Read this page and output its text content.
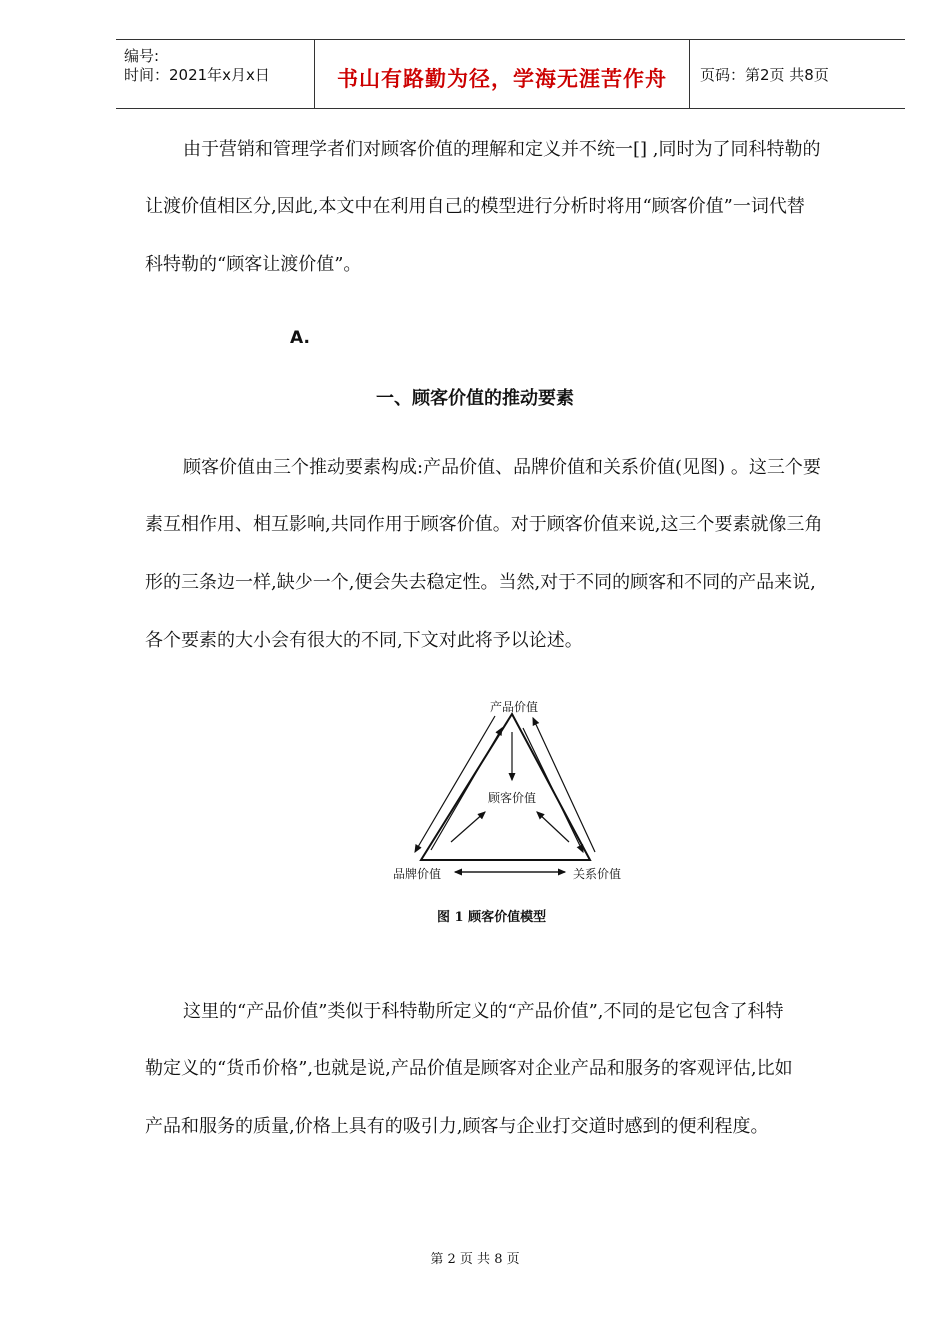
编号:
时间：2021年x月x日	书山有路勤为径，学海无涯苦作舟	页码：第2页 共8页
由于营销和管理学者们对顾客价值的理解和定义并不统一[] ,同时为了同科特勒的
让渡价值相区分,因此,本文中在利用自己的模型进行分析时将用“顾客价值”一词代替
科特勒的“顾客让渡价值”。
A.
一、顾客价值的推动要素
顾客价值由三个推动要素构成:产品价值、品牌价值和关系价值(见图) 。这三个要
素互相作用、相互影响,共同作用于顾客价值。对于顾客价值来说,这三个要素就像三角
形的三条边一样,缺少一个,便会失去稳定性。当然,对于不同的顾客和不同的产品来说,
各个要素的大小会有很大的不同,下文对此将予以论述。
产品价值
顾客价值
品牌价值	关系价值
图 1 顾客价值模型
这里的“产品价值”类似于科特勒所定义的“产品价值”,不同的是它包含了科特
勒定义的“货币价格”,也就是说,产品价值是顾客对企业产品和服务的客观评估,比如
产品和服务的质量,价格上具有的吸引力,顾客与企业打交道时感到的便利程度。
第 2 页 共 8 页
